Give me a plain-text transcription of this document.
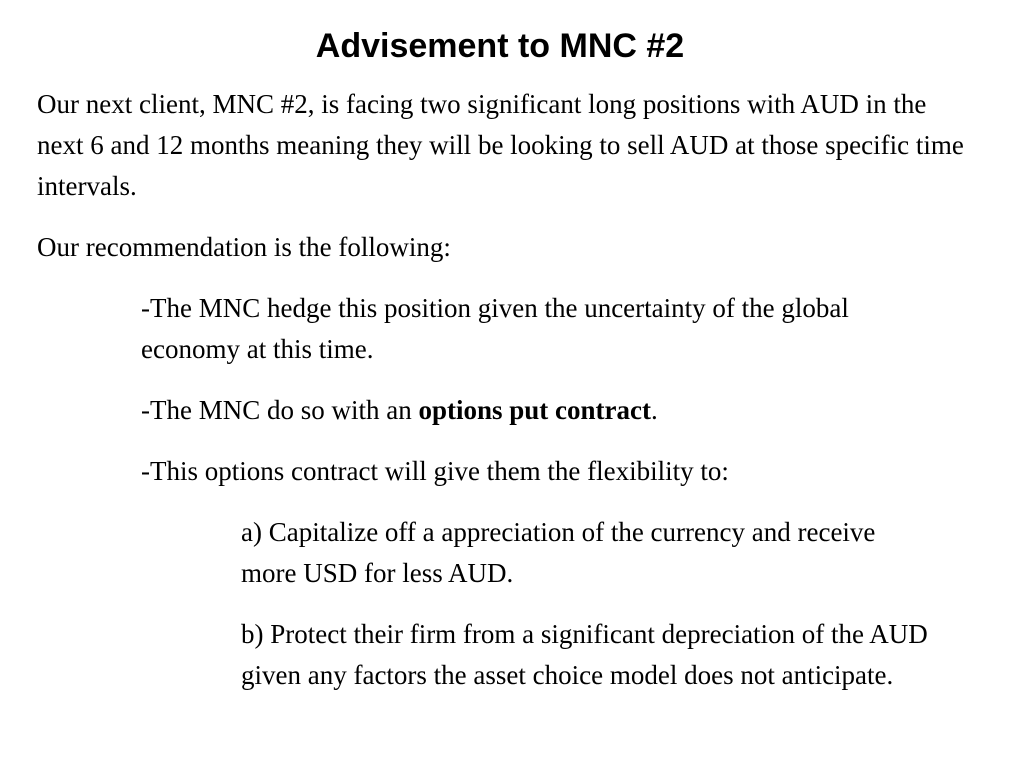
Advisement to MNC #2

Our next client, MNC #2, is facing two significant long positions with AUD in the next 6 and 12 months meaning they will be looking to sell AUD at those specific time intervals.

Our recommendation is the following:

-The MNC hedge this position given the uncertainty of the global economy at this time.

-The MNC do so with an options put contract.

-This options contract will give them the flexibility to:

a) Capitalize off a appreciation of the currency and receive more USD for less AUD.

b) Protect their firm from a significant depreciation of the AUD given any factors the asset choice model does not anticipate.
